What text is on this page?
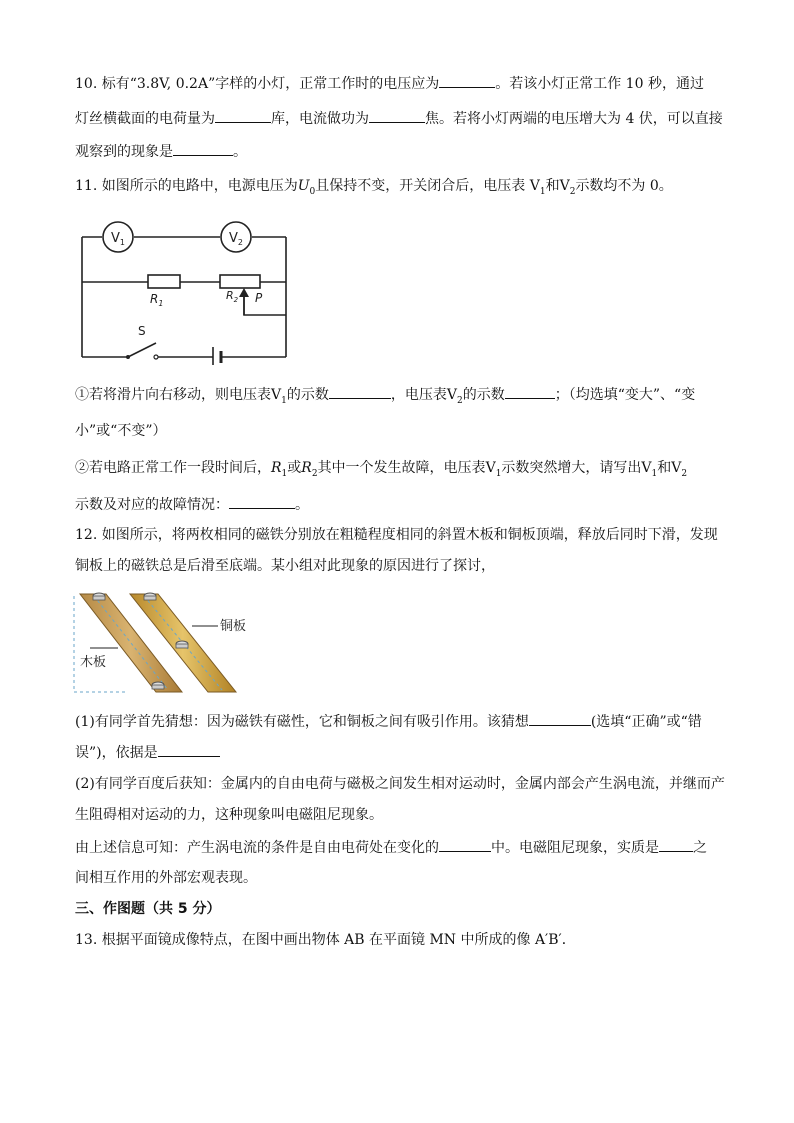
10. 标有“3.8V, 0.2A”字样的小灯，正常工作时的电压应为	。若该小灯正常工作 10 秒，通过
灯丝横截面的电荷量为	库，电流做功为	焦。若将小灯两端的电压增大为 4 伏，可以直接
观察到的现象是	。
11. 如图所示的电路中，电源电压为$U_0$且保持不变，开关闭合后，电压表 $V_1$和$V_2$示数均不为 0。
$V_1$	$V_2$
$R_1$
$R_2$ P
S
①若将滑片向右移动，则电压表$V_1$的示数	，电压表$V_2$的示数	；（均选填“变大”、“变
小”或“不变”）
②若电路正常工作一段时间后，$R_1$或$R_2$其中一个发生故障，电压表$V_1$示数突然增大，请写出$V_1$和$V_2$
示数及对应的故障情况：	。
12. 如图所示，将两枚相同的磁铁分别放在粗糙程度相同的斜置木板和铜板顶端，释放后同时下滑，发现
铜板上的磁铁总是后滑至底端。某小组对此现象的原因进行了探讨，
铜板
木板
(1)有同学首先猜想：因为磁铁有磁性，它和铜板之间有吸引作用。该猜想	(选填“正确”或“错
误”)，依据是
(2)有同学百度后获知：金属内的自由电荷与磁极之间发生相对运动时，金属内部会产生涡电流，并继而产
生阻碍相对运动的力，这种现象叫电磁阻尼现象。
由上述信息可知：产生涡电流的条件是自由电荷处在变化的	中。电磁阻尼现象，实质是 之
间相互作用的外部宏观表现。
三、作图题（共 5 分）
13. 根据平面镜成像特点，在图中画出物体 AB 在平面镜 MN 中所成的像 A′B′．
